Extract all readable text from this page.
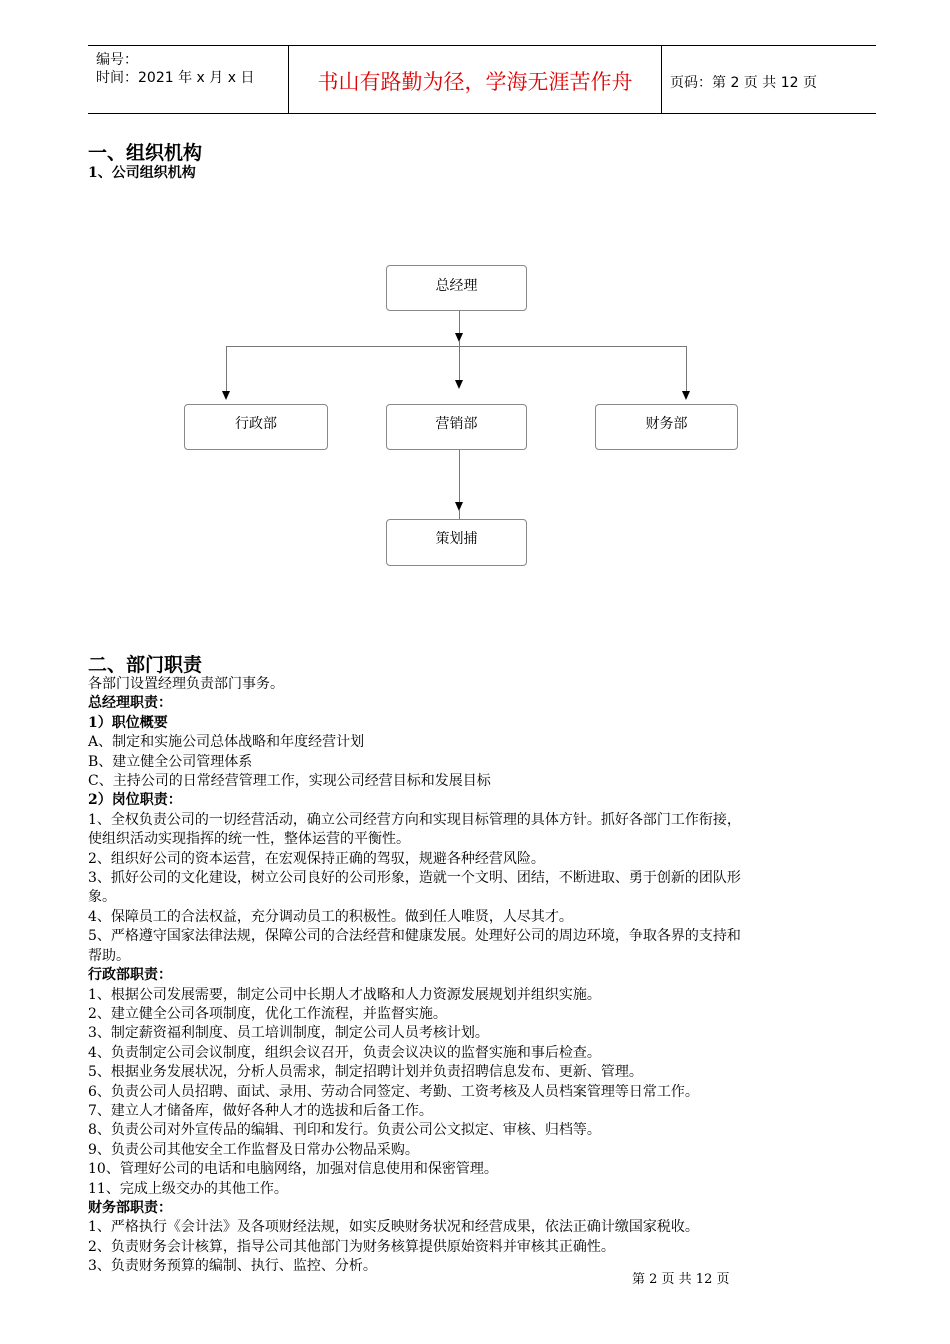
编号：
时间：2021 年 x 月 x 日	书山有路勤为径，学海无涯苦作舟	页码：第 2 页 共 12 页
一、组织机构
1、公司组织机构
总经理
行政部	营销部	财务部
策划捕
二、部门职责

各部门设置经理负责部门事务。

总经理职责：

1）职位概要

A、制定和实施公司总体战略和年度经营计划

B、建立健全公司管理体系

C、主持公司的日常经营管理工作，实现公司经营目标和发展目标

2）岗位职责：

1、全权负责公司的一切经营活动，确立公司经营方向和实现目标管理的具体方针。抓好各部门工作衔接，

使组织活动实现指挥的统一性，整体运营的平衡性。

2、组织好公司的资本运营，在宏观保持正确的驾驭，规避各种经营风险。

3、抓好公司的文化建设，树立公司良好的公司形象，造就一个文明、团结，不断进取、勇于创新的团队形

象。

4、保障员工的合法权益，充分调动员工的积极性。做到任人唯贤，人尽其才。

5、严格遵守国家法律法规，保障公司的合法经营和健康发展。处理好公司的周边环境，争取各界的支持和

帮助。

行政部职责：

1、根据公司发展需要，制定公司中长期人才战略和人力资源发展规划并组织实施。

2、建立健全公司各项制度，优化工作流程，并监督实施。

3、制定薪资福利制度、员工培训制度，制定公司人员考核计划。

4、负责制定公司会议制度，组织会议召开，负责会议决议的监督实施和事后检查。

5、根据业务发展状况，分析人员需求，制定招聘计划并负责招聘信息发布、更新、管理。

6、负责公司人员招聘、面试、录用、劳动合同签定、考勤、工资考核及人员档案管理等日常工作。

7、建立人才储备库，做好各种人才的选拔和后备工作。

8、负责公司对外宣传品的编辑、刊印和发行。负责公司公文拟定、审核、归档等。

9、负责公司其他安全工作监督及日常办公物品采购。

10、管理好公司的电话和电脑网络，加强对信息使用和保密管理。

11、完成上级交办的其他工作。

财务部职责：

1、严格执行《会计法》及各项财经法规，如实反映财务状况和经营成果，依法正确计缴国家税收。

2、负责财务会计核算，指导公司其他部门为财务核算提供原始资料并审核其正确性。

3、负责财务预算的编制、执行、监控、分析。

第 2 页 共 12 页
